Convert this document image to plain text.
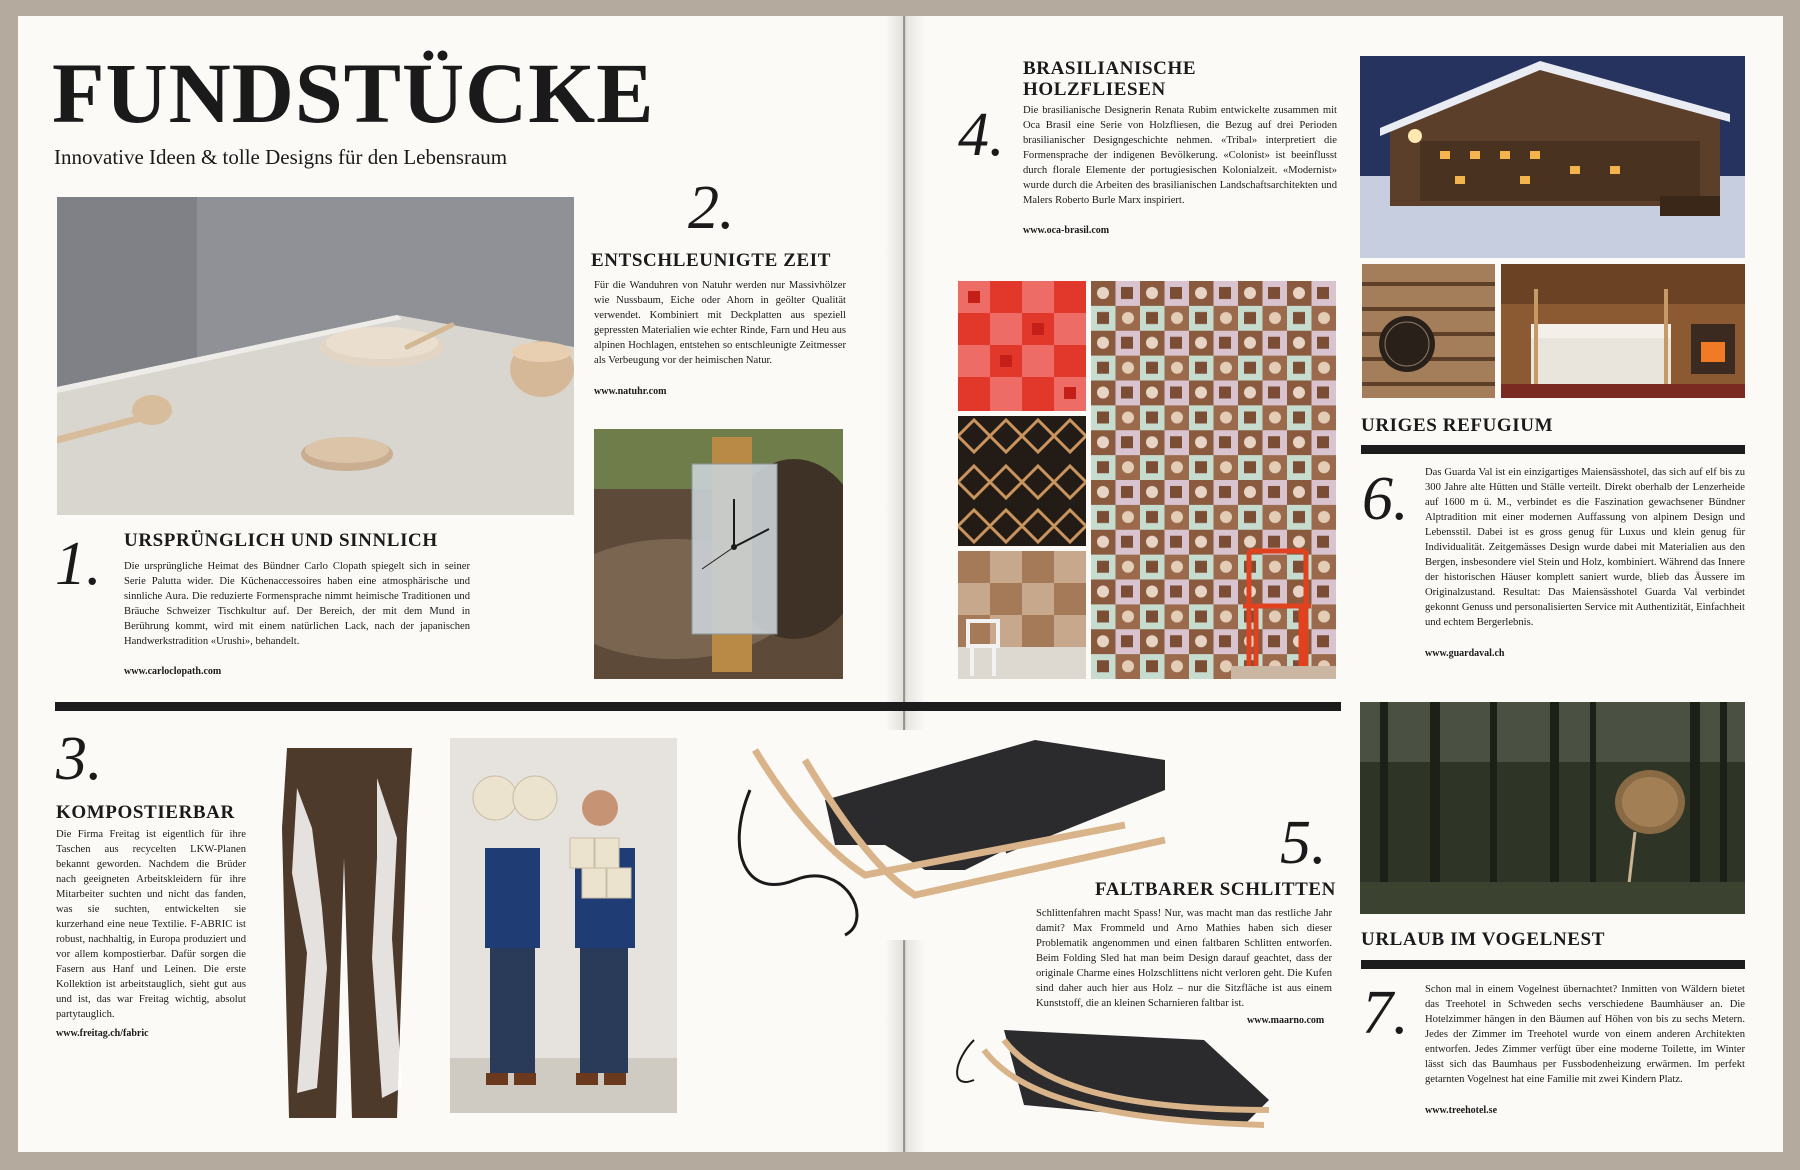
FUNDSTÜCKE
Innovative Ideen & tolle Designs für den Lebensraum
1. URSPRÜNGLICH UND SINNLICH
Die ursprüngliche Heimat des Bündner Carlo Clopath spiegelt sich in seiner Serie Palutta wider. Die Küchenaccessoires haben eine atmosphärische und sinnliche Aura. Die reduzierte Formensprache nimmt heimische Traditionen und Bräuche Schweizer Tischkultur auf. Der Bereich, der mit dem Mund in Berührung kommt, wird mit einem natürlichen Lack, nach der japanischen Handwerkstradition «Urushi», behandelt.
www.carloclopath.com
2.
ENTSCHLEUNIGTE ZEIT
Für die Wanduhren von Natuhr werden nur Massivhölzer wie Nussbaum, Eiche oder Ahorn in geölter Qualität verwendet. Kombiniert mit Deckplatten aus speziell gepressten Materialien wie echter Rinde, Farn und Heu aus alpinen Hochlagen, entstehen so entschleunigte Zeitmesser als Verbeugung vor der heimischen Natur.
www.natuhr.com
4.
BRASILIANISCHE HOLZFLIESEN
Die brasilianische Designerin Renata Rubim entwickelte zusammen mit Oca Brasil eine Serie von Holzfliesen, die Bezug auf drei Perioden brasilianischer Designgeschichte nehmen. «Tribal» interpretiert die Formensprache der indigenen Bevölkerung. «Colonist» ist beeinflusst durch florale Elemente der portugiesischen Kolonialzeit. «Modernist» wurde durch die Arbeiten des brasilianischen Landschaftsarchitekten und Malers Roberto Burle Marx inspiriert.
www.oca-brasil.com
URIGES REFUGIUM
6. Das Guarda Val ist ein einzigartiges Maiensässhotel, das sich auf elf bis zu 300 Jahre alte Hütten und Ställe verteilt. Direkt oberhalb der Lenzerheide auf 1600 m ü. M., verbindet es die Faszination gewachsener Bündner Alptradition mit einer modernen Auffassung von alpinem Design und Lebensstil. Dabei ist es gross genug für Luxus und klein genug für Individualität. Zeitgemässes Design wurde dabei mit Materialien aus den Bergen, insbesondere viel Stein und Holz, kombiniert. Während das Innere der historischen Häuser komplett saniert wurde, blieb das Äussere im Originalzustand. Resultat: Das Maiensässhotel Guarda Val verbindet gekonnt Genuss und personalisierten Service mit Authentizität, Einfachheit und echtem Bergerlebnis.
www.guardaval.ch
3.
KOMPOSTIERBAR
Die Firma Freitag ist eigentlich für ihre Taschen aus recycelten LKW-Planen bekannt geworden. Nachdem die Brüder nach geeigneten Arbeitskleidern für ihre Mitarbeiter suchten und nicht das fanden, was sie suchten, entwickelten sie kurzerhand eine neue Textilie. F-ABRIC ist robust, nachhaltig, in Europa produziert und vor allem kompostierbar. Dafür sorgen die Fasern aus Hanf und Leinen. Die erste Kollektion ist arbeitstauglich, sieht gut aus und ist, das war Freitag wichtig, absolut partytauglich.
www.freitag.ch/fabric
5.
FALTBARER SCHLITTEN
Schlittenfahren macht Spass! Nur, was macht man das restliche Jahr damit? Max Frommeld und Arno Mathies haben sich dieser Problematik angenommen und einen faltbaren Schlitten entworfen. Beim Folding Sled hat man beim Design darauf geachtet, dass der originale Charme eines Holzschlittens nicht verloren geht. Die Kufen sind daher auch hier aus Holz – nur die Sitzfläche ist aus einem Kunststoff, die an kleinen Scharnieren faltbar ist.
www.maarno.com
URLAUB IM VOGELNEST
7. Schon mal in einem Vogelnest übernachtet? Inmitten von Wäldern bietet das Treehotel in Schweden sechs verschiedene Baumhäuser an. Die Hotelzimmer hängen in den Bäumen auf Höhen von bis zu sechs Metern. Jedes der Zimmer im Treehotel wurde von einem anderen Architekten entworfen. Jedes Zimmer verfügt über eine moderne Toilette, im Winter lässt sich das Baumhaus per Fussbodenheizung erwärmen. Im perfekt getarnten Vogelnest hat eine Familie mit zwei Kindern Platz.
www.treehotel.se
